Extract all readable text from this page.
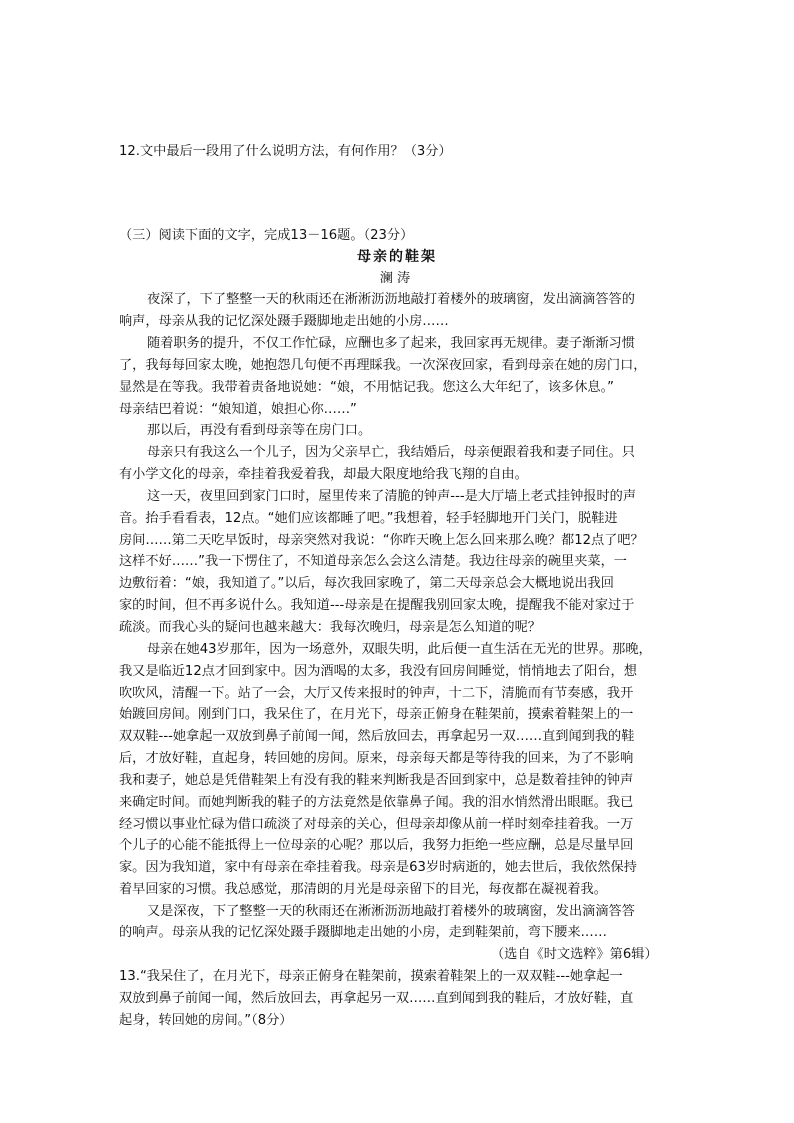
12.文中最后一段用了什么说明方法，有何作用？（3分）
（三）阅读下面的文字，完成13－16题。（23分）
母亲的鞋架
澜涛
夜深了，下了整整一天的秋雨还在淅淅沥沥地敲打着楼外的玻璃窗，发出滴滴答答的
响声，母亲从我的记忆深处蹑手蹑脚地走出她的小房……
随着职务的提升，不仅工作忙碌，应酬也多了起来，我回家再无规律。妻子渐渐习惯
了，我每每回家太晚，她抱怨几句便不再理睬我。一次深夜回家，看到母亲在她的房门口，
显然是在等我。我带着责备地说她：“娘，不用惦记我。您这么大年纪了，该多休息。”
母亲结巴着说：“娘知道，娘担心你……”
那以后，再没有看到母亲等在房门口。
母亲只有我这么一个儿子，因为父亲早亡，我结婚后，母亲便跟着我和妻子同住。只
有小学文化的母亲，牵挂着我爱着我，却最大限度地给我飞翔的自由。
这一天，夜里回到家门口时，屋里传来了清脆的钟声---是大厅墙上老式挂钟报时的声
音。抬手看看表，12点。“她们应该都睡了吧。”我想着，轻手轻脚地开门关门，脱鞋进
房间……第二天吃早饭时，母亲突然对我说：“你昨天晚上怎么回来那么晚？都12点了吧？
这样不好……”我一下愣住了，不知道母亲怎么会这么清楚。我边往母亲的碗里夹菜，一
边敷衍着：“娘，我知道了。”以后，每次我回家晚了，第二天母亲总会大概地说出我回
家的时间，但不再多说什么。我知道---母亲是在提醒我别回家太晚，提醒我不能对家过于
疏淡。而我心头的疑问也越来越大：我每次晚归，母亲是怎么知道的呢？
母亲在她43岁那年，因为一场意外，双眼失明，此后便一直生活在无光的世界。那晚，
我又是临近12点才回到家中。因为酒喝的太多，我没有回房间睡觉，悄悄地去了阳台，想
吹吹风，清醒一下。站了一会，大厅又传来报时的钟声，十二下，清脆而有节奏感，我开
始踱回房间。刚到门口，我呆住了，在月光下，母亲正俯身在鞋架前，摸索着鞋架上的一
双双鞋---她拿起一双放到鼻子前闻一闻，然后放回去，再拿起另一双……直到闻到我的鞋
后，才放好鞋，直起身，转回她的房间。原来，母亲每天都是等待我的回来，为了不影响
我和妻子，她总是凭借鞋架上有没有我的鞋来判断我是否回到家中，总是数着挂钟的钟声
来确定时间。而她判断我的鞋子的方法竟然是依靠鼻子闻。我的泪水悄然滑出眼眶。我已
经习惯以事业忙碌为借口疏淡了对母亲的关心，但母亲却像从前一样时刻牵挂着我。一万
个儿子的心能不能抵得上一位母亲的心呢？那以后，我努力拒绝一些应酬，总是尽量早回
家。因为我知道，家中有母亲在牵挂着我。母亲是63岁时病逝的，她去世后，我依然保持
着早回家的习惯。我总感觉，那清朗的月光是母亲留下的目光，每夜都在凝视着我。
又是深夜，下了整整一天的秋雨还在淅淅沥沥地敲打着楼外的玻璃窗，发出滴滴答答
的响声。母亲从我的记忆深处蹑手蹑脚地走出她的小房，走到鞋架前，弯下腰来……
（选自《时文选粹》第6辑）
13.“我呆住了，在月光下，母亲正俯身在鞋架前，摸索着鞋架上的一双双鞋---她拿起一
双放到鼻子前闻一闻，然后放回去，再拿起另一双……直到闻到我的鞋后，才放好鞋，直
起身，转回她的房间。”（8分）
